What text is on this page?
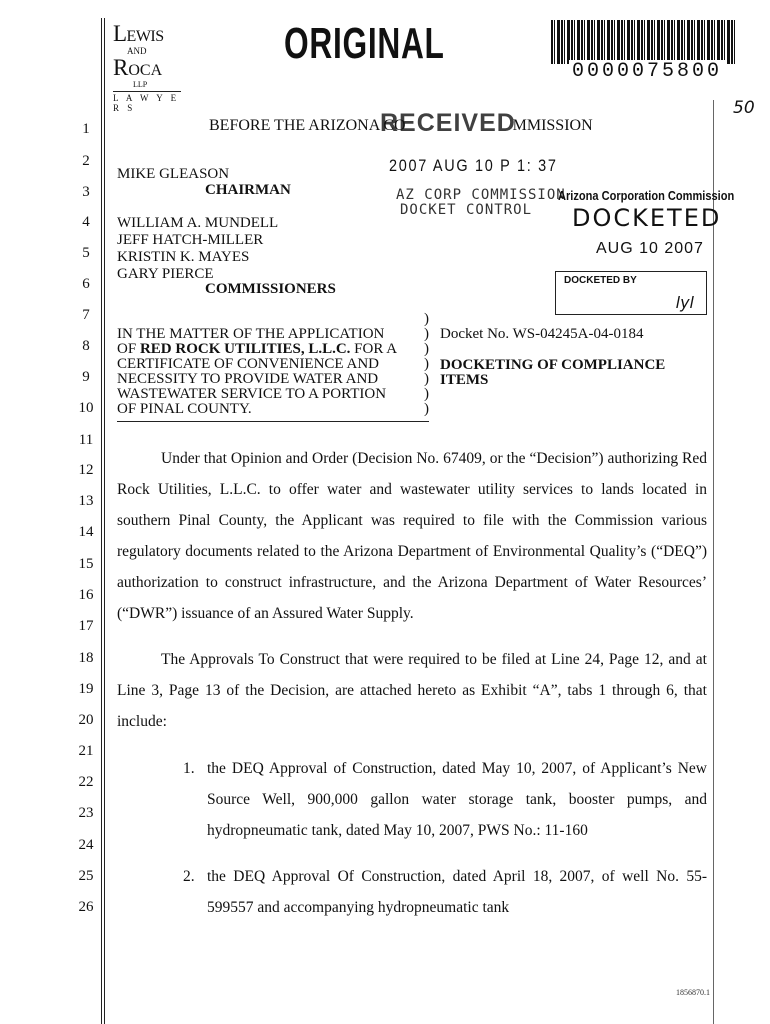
Lewis
AND
Roca
LLP
L A W Y E R S
ORIGINAL
0000075800
50
BEFORE THE ARIZONA CO	MMISSION
RECEIVED
2007 AUG 10 P 1: 37
AZ CORP COMMISSION
DOCKET CONTROL
Arizona Corporation Commission
DOCKETED
AUG 10 2007
DOCKETED BY
lyl
1
2
3
4
5
6
7
8
9
10
11
12
13
14
15
16
17
18
19
20
21
22
23
24
25
26
MIKE GLEASON
CHAIRMAN
WILLIAM A. MUNDELL
JEFF HATCH-MILLER
KRISTIN K. MAYES
GARY PIERCE
COMMISSIONERS
IN THE MATTER OF THE APPLICATION
OF RED ROCK UTILITIES, L.L.C. FOR A
CERTIFICATE OF CONVENIENCE AND
NECESSITY TO PROVIDE WATER AND
WASTEWATER SERVICE TO A PORTION
OF PINAL COUNTY.
)
)
)
)
)
)
)
Docket No. WS-04245A-04-0184
DOCKETING OF COMPLIANCE
ITEMS
Under that Opinion and Order (Decision No. 67409, or the “Decision”) authorizing Red Rock Utilities, L.L.C. to offer water and wastewater utility services to lands located in southern Pinal County, the Applicant was required to file with the Commission various regulatory documents related to the Arizona Department of Environmental Quality’s (“DEQ”) authorization to construct infrastructure, and the Arizona Department of Water Resources’ (“DWR”) issuance of an Assured Water Supply.
The Approvals To Construct that were required to be filed at Line 24, Page 12, and at Line 3, Page 13 of the Decision, are attached hereto as Exhibit “A”, tabs 1 through 6, that include:
1. the DEQ Approval of Construction, dated May 10, 2007, of Applicant’s New Source Well, 900,000 gallon water storage tank, booster pumps, and hydropneumatic tank, dated May 10, 2007, PWS No.: 11-160
2. the DEQ Approval Of Construction, dated April 18, 2007, of well No. 55-599557 and accompanying hydropneumatic tank
1856870.1
